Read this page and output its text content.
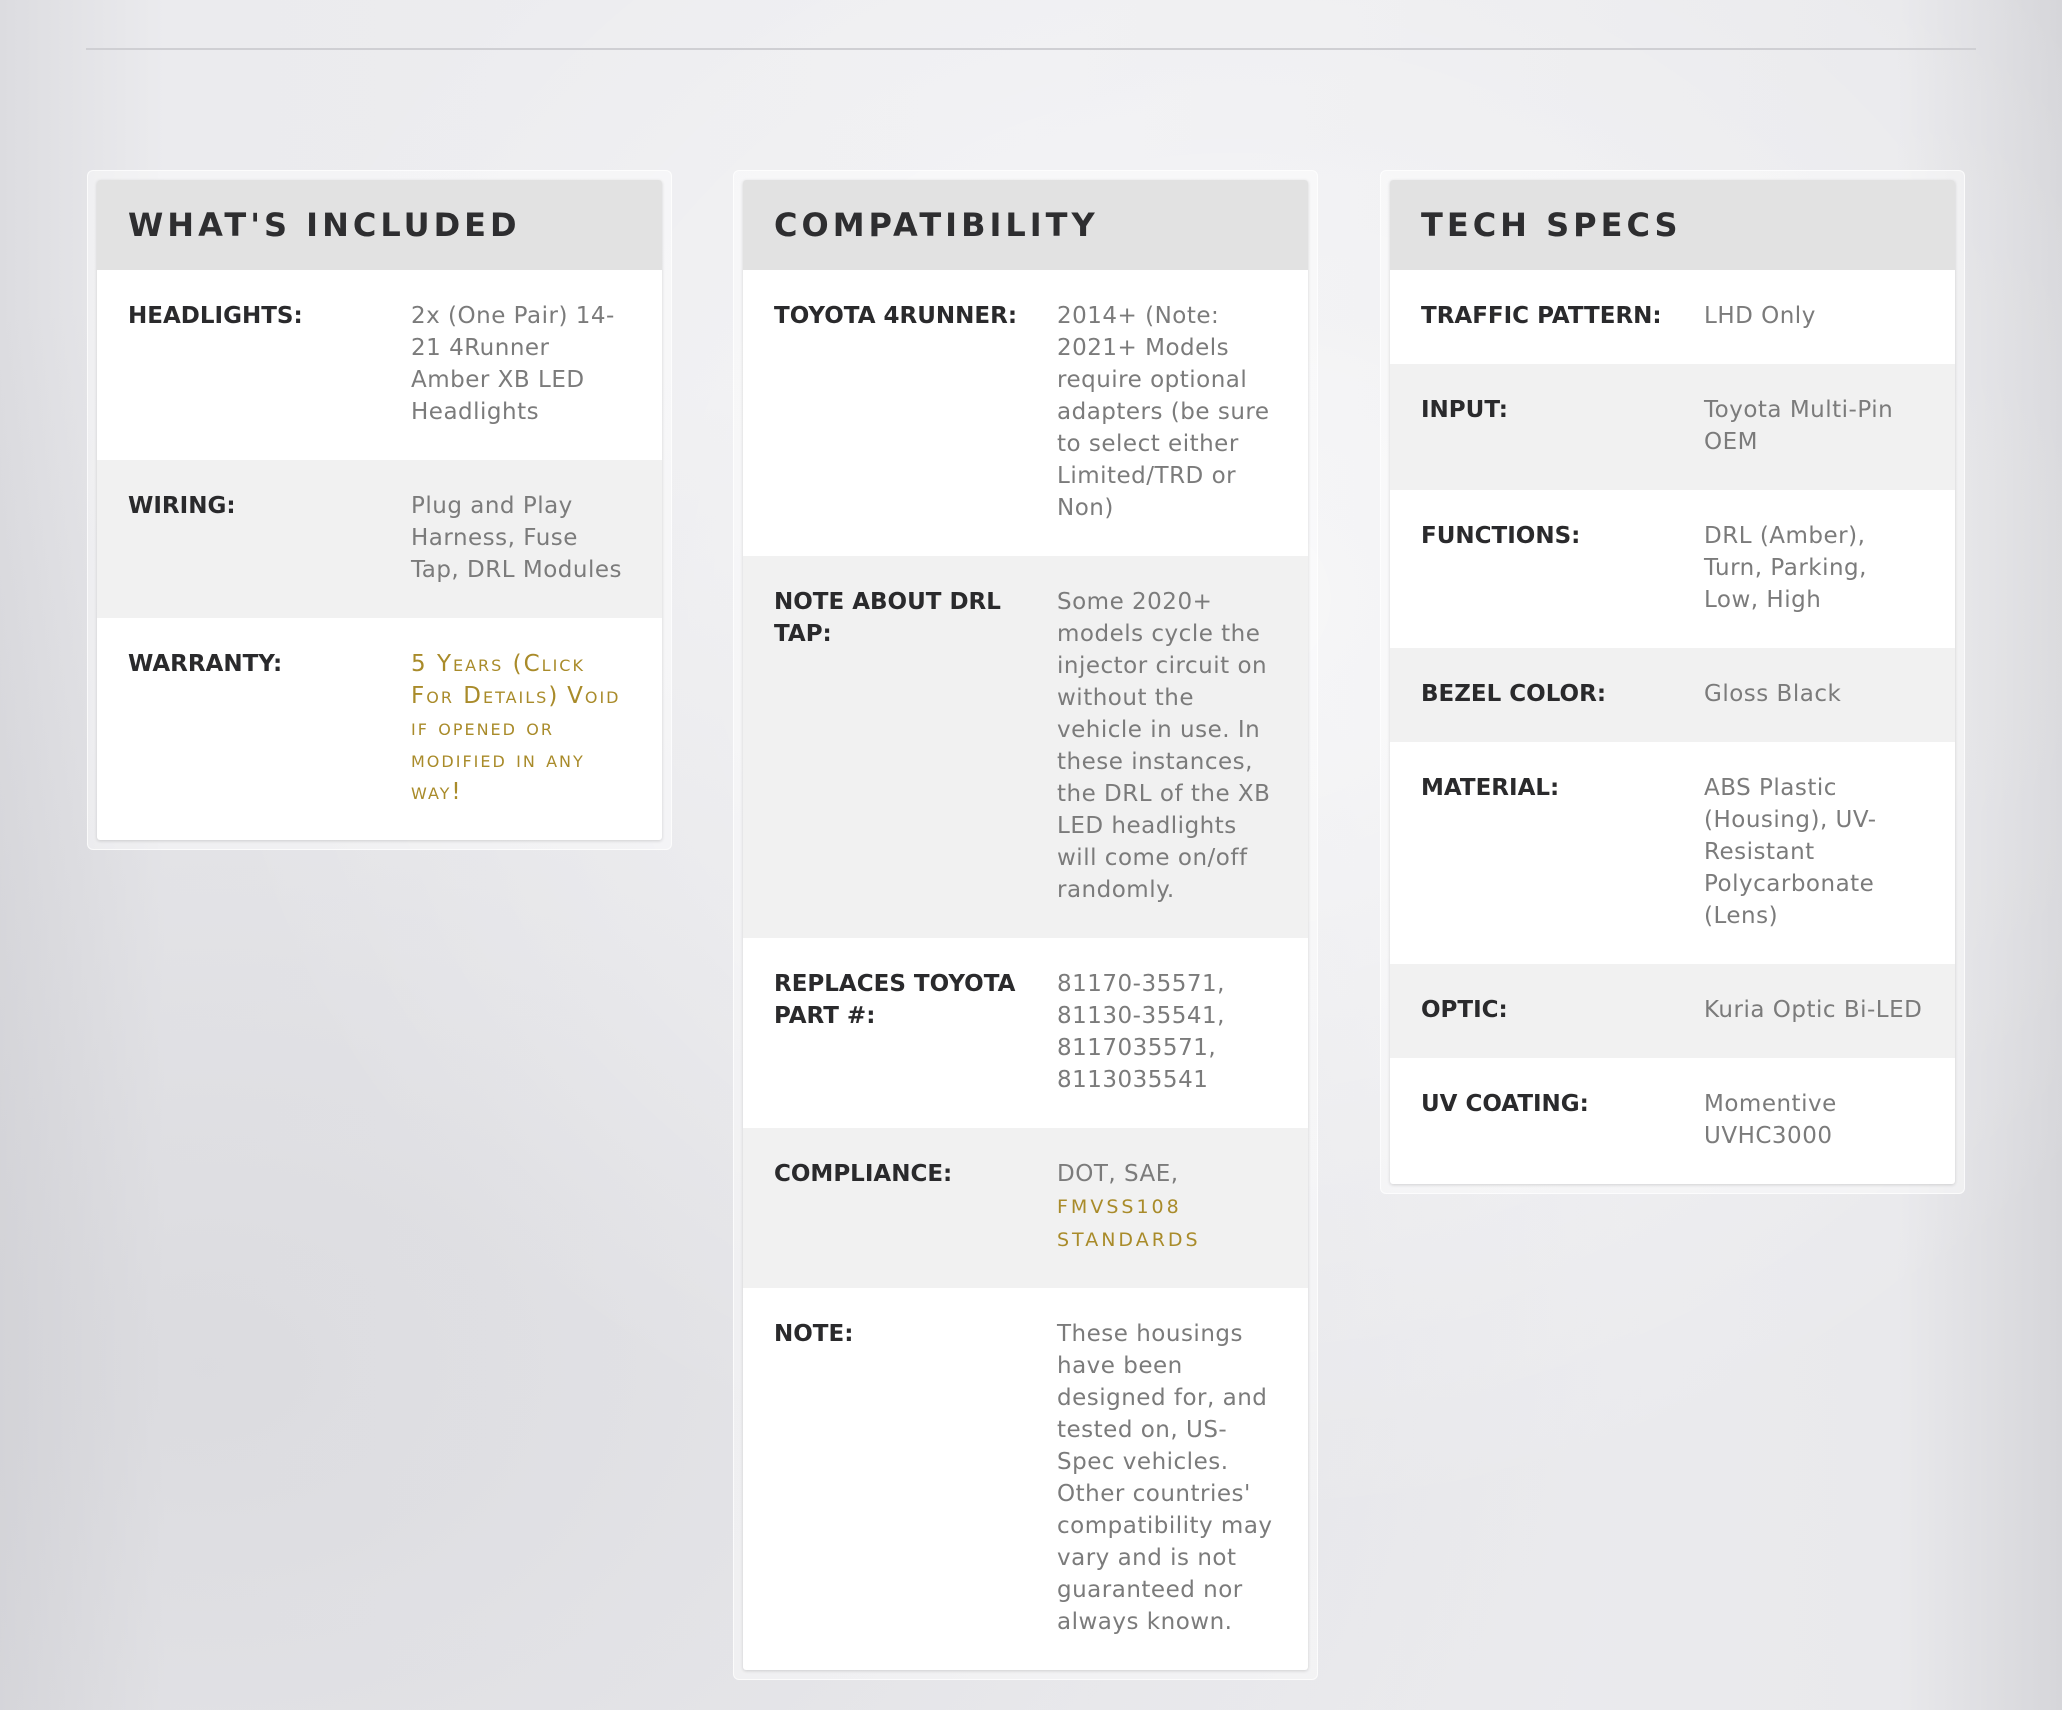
WHAT'S INCLUDED
HEADLIGHTS:	2x (One Pair) 14-21 4Runner Amber XB LED Headlights
WIRING:	Plug and Play Harness, Fuse Tap, DRL Modules
WARRANTY:	5 Years (Click For Details) Void if opened or modified in any way!
COMPATIBILITY
TOYOTA 4RUNNER:	2014+ (Note: 2021+ Models require optional adapters (be sure to select either Limited/TRD or Non)
NOTE ABOUT DRL TAP:
Some 2020+ models cycle the injector circuit on without the vehicle in use. In these instances, the DRL of the XB LED headlights will come on/off randomly.
REPLACES TOYOTA PART #:
81170-35571, 81130-35541, 8117035571, 8113035541
COMPLIANCE:	DOT, SAE,
FMVSS108 STANDARDS
NOTE:	These housings have been designed for, and tested on, US-Spec vehicles. Other countries' compatibility may vary and is not guaranteed nor always known.
TECH SPECS
TRAFFIC PATTERN:	LHD Only
INPUT:	Toyota Multi-Pin OEM
FUNCTIONS:	DRL (Amber), Turn, Parking, Low, High
BEZEL COLOR:	Gloss Black
MATERIAL:	ABS Plastic (Housing), UV-Resistant Polycarbonate (Lens)
OPTIC:	Kuria Optic Bi-LED
UV COATING:	Momentive UVHC3000
